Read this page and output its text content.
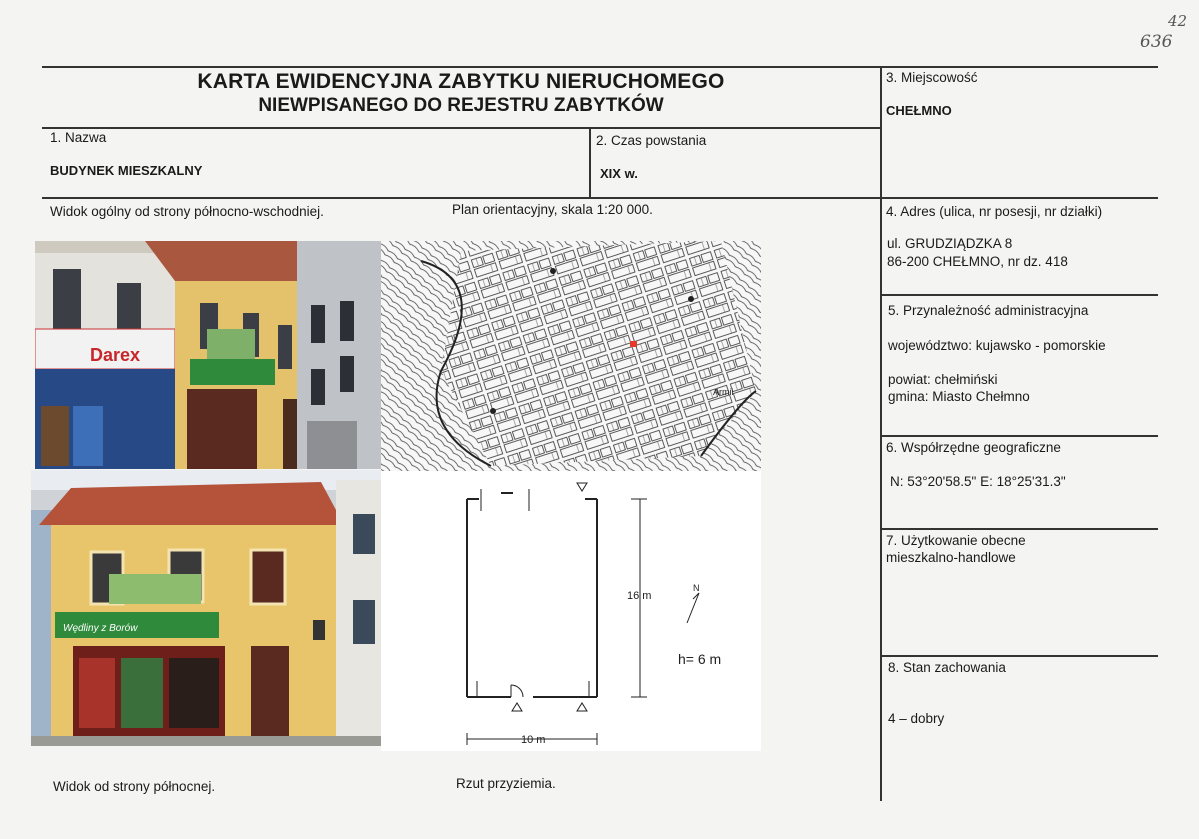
42
636
KARTA EWIDENCYJNA ZABYTKU NIERUCHOMEGO
NIEWPISANEGO DO REJESTRU ZABYTKÓW
1. Nazwa
BUDYNEK MIESZKALNY
2. Czas powstania
XIX w.
3. Miejscowość
CHEŁMNO
4. Adres (ulica, nr posesji, nr działki)
ul. GRUDZIĄDZKA 8
86-200 CHEŁMNO, nr dz. 418
5. Przynależność administracyjna
województwo: kujawsko - pomorskie
powiat: chełmiński
gmina: Miasto Chełmno
6. Współrzędne geograficzne
N: 53°20'58.5" E: 18°25'31.3"
7. Użytkowanie obecne
mieszkalno-handlowe
8. Stan zachowania
4 – dobry
Widok ogólny od strony północno-wschodniej.	Plan orientacyjny, skala 1:20 000.
Widok od strony północnej.	Rzut przyziemia.
Darex
Armii
Wędliny z Borów
16 m
10 m
h= 6 m
N
